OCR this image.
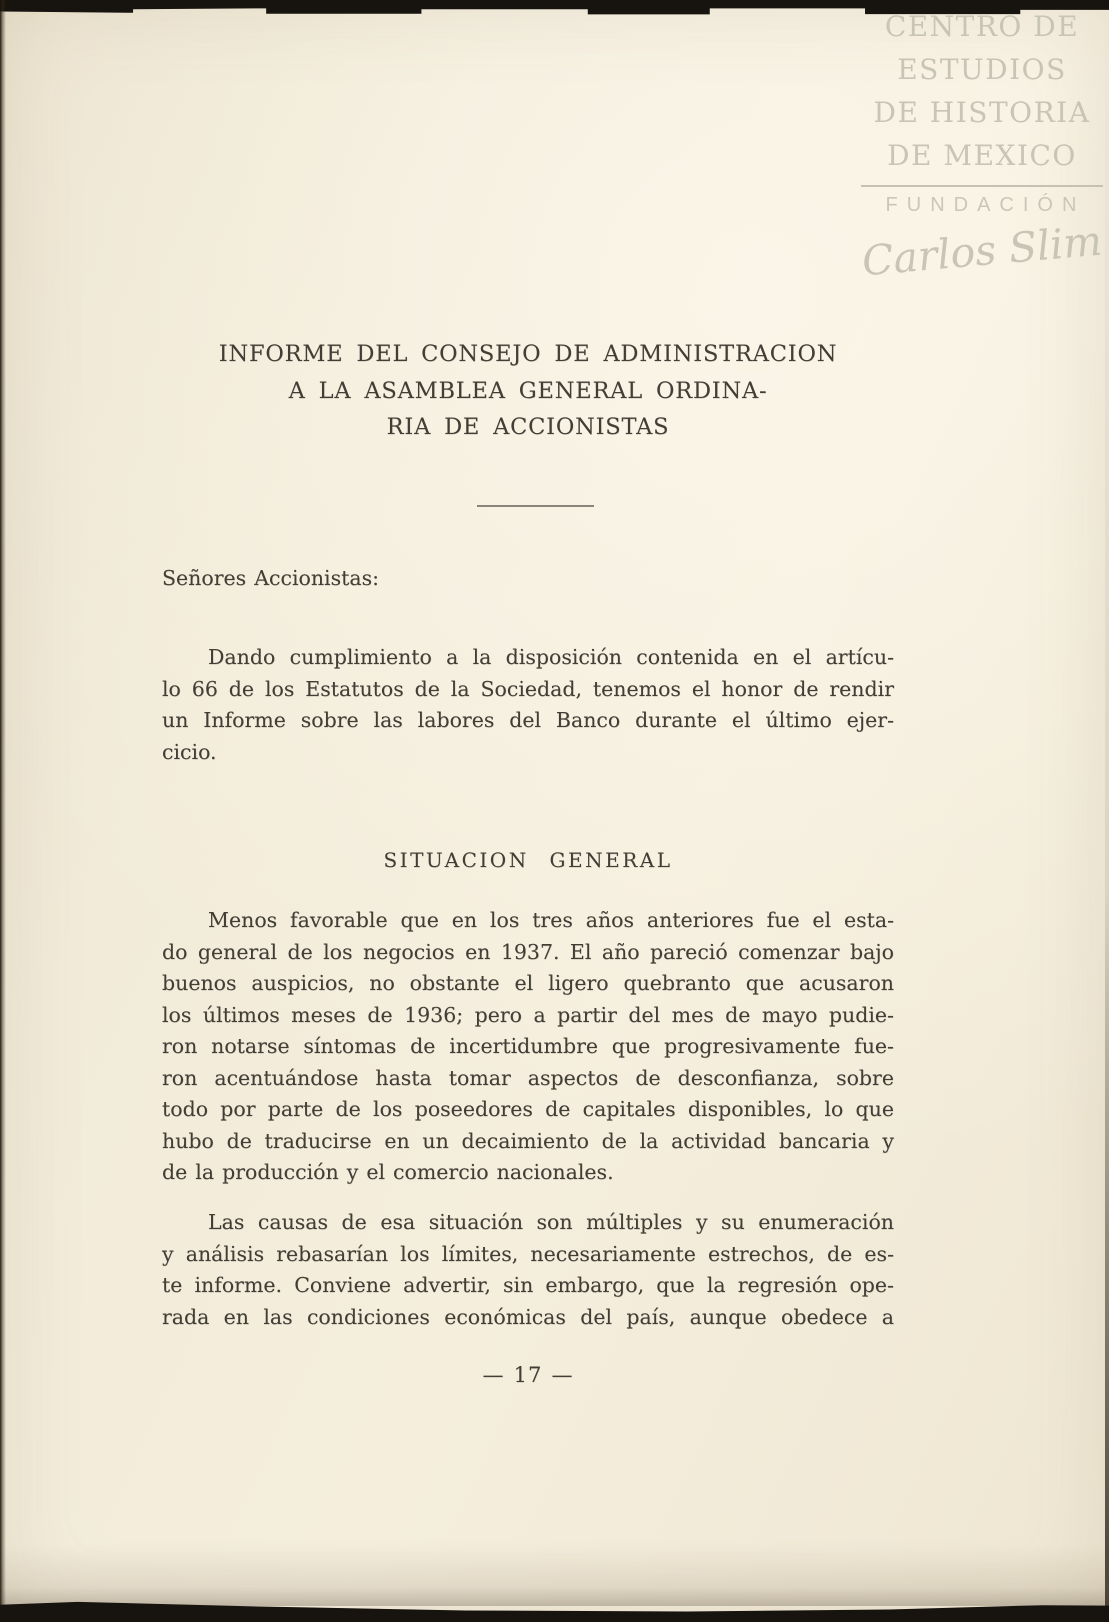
CENTRO DE
ESTUDIOS
DE HISTORIA
DE MEXICO
FUNDACIÓN
Carlos Slim
INFORME DEL CONSEJO DE ADMINISTRACION
A LA ASAMBLEA GENERAL ORDINA-
RIA DE ACCIONISTAS
Señores Accionistas:
Dando cumplimiento a la disposición contenida en el artícu-
lo 66 de los Estatutos de la Sociedad, tenemos el honor de rendir
un Informe sobre las labores del Banco durante el último ejer-
cicio.
SITUACION GENERAL
Menos favorable que en los tres años anteriores fue el esta-
do general de los negocios en 1937. El año pareció comenzar bajo
buenos auspicios, no obstante el ligero quebranto que acusaron
los últimos meses de 1936; pero a partir del mes de mayo pudie-
ron notarse síntomas de incertidumbre que progresivamente fue-
ron acentuándose hasta tomar aspectos de desconfianza, sobre
todo por parte de los poseedores de capitales disponibles, lo que
hubo de traducirse en un decaimiento de la actividad bancaria y
de la producción y el comercio nacionales.
Las causas de esa situación son múltiples y su enumeración
y análisis rebasarían los límites, necesariamente estrechos, de es-
te informe. Conviene advertir, sin embargo, que la regresión ope-
rada en las condiciones económicas del país, aunque obedece a
— 17 —
